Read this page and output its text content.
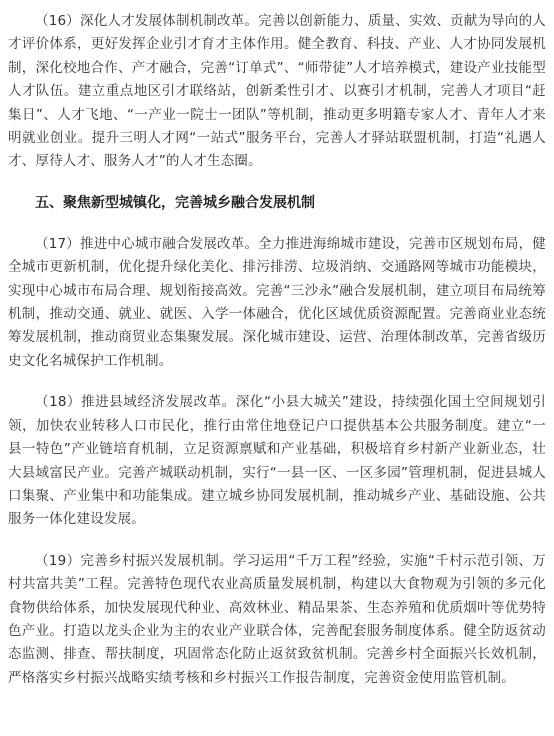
（16）深化人才发展体制机制改革。完善以创新能力、质量、实效、贡献为导向的人才评价体系，更好发挥企业引才育才主体作用。健全教育、科技、产业、人才协同发展机制，深化校地合作、产才融合，完善“订单式”、“师带徒”人才培养模式，建设产业技能型人才队伍。建立重点地区引才联络站，创新柔性引才、以赛引才机制，完善人才项目“赶集日”、人才飞地、“一产业一院士一团队”等机制，推动更多明籍专家人才、青年人才来明就业创业。提升三明人才网“一站式”服务平台，完善人才驿站联盟机制，打造“礼遇人才、厚待人才、服务人才”的人才生态圈。

五、聚焦新型城镇化，完善城乡融合发展机制

（17）推进中心城市融合发展改革。全力推进海绵城市建设，完善市区规划布局，健全城市更新机制，优化提升绿化美化、排污排涝、垃圾消纳、交通路网等城市功能模块，实现中心城市布局合理、规划衔接高效。完善“三沙永”融合发展机制，建立项目布局统筹机制，推动交通、就业、就医、入学一体融合，优化区域优质资源配置。完善商业业态统筹发展机制，推动商贸业态集聚发展。深化城市建设、运营、治理体制改革，完善省级历史文化名城保护工作机制。

（18）推进县域经济发展改革。深化“小县大城关”建设，持续强化国土空间规划引领，加快农业转移人口市民化，推行由常住地登记户口提供基本公共服务制度。建立“一县一特色”产业链培育机制，立足资源禀赋和产业基础，积极培育乡村新产业新业态，壮大县域富民产业。完善产城联动机制，实行“一县一区、一区多园”管理机制，促进县城人口集聚、产业集中和功能集成。建立城乡协同发展机制，推动城乡产业、基础设施、公共服务一体化建设发展。

（19）完善乡村振兴发展机制。学习运用“千万工程”经验，实施“千村示范引领、万村共富共美”工程。完善特色现代农业高质量发展机制，构建以大食物观为引领的多元化食物供给体系，加快发展现代种业、高效林业、精品果茶、生态养殖和优质烟叶等优势特色产业。打造以龙头企业为主的农业产业联合体，完善配套服务制度体系。健全防返贫动态监测、排查、帮扶制度，巩固常态化防止返贫致贫机制。完善乡村全面振兴长效机制，严格落实乡村振兴战略实绩考核和乡村振兴工作报告制度，完善资金使用监管机制。
